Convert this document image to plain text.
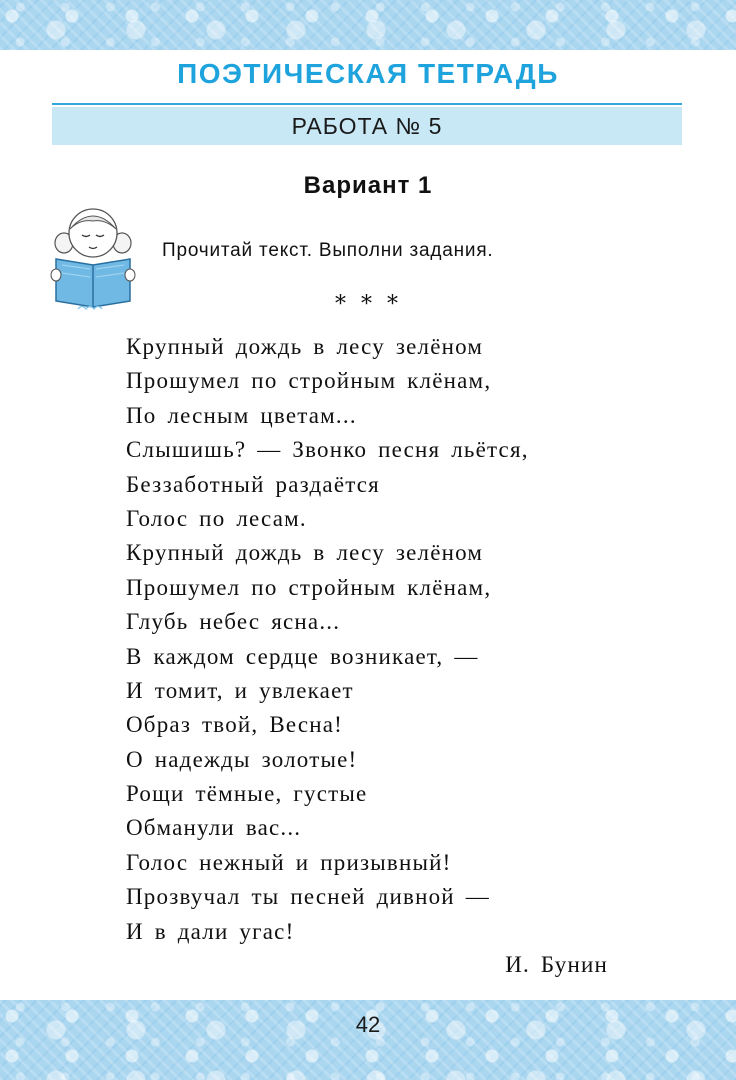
ПОЭТИЧЕСКАЯ ТЕТРАДЬ
РАБОТА № 5
Вариант 1
Прочитай текст. Выполни задания.
* * *
Крупный дождь в лесу зелёном
Прошумел по стройным клёнам,
По лесным цветам...
Слышишь? — Звонко песня льётся,
Беззаботный раздаётся
Голос по лесам.
Крупный дождь в лесу зелёном
Прошумел по стройным клёнам,
Глубь небес ясна...
В каждом сердце возникает, —
И томит, и увлекает
Образ твой, Весна!
О надежды золотые!
Рощи тёмные, густые
Обманули вас...
Голос нежный и призывный!
Прозвучал ты песней дивной —
И в дали угас!
И. Бунин
42
